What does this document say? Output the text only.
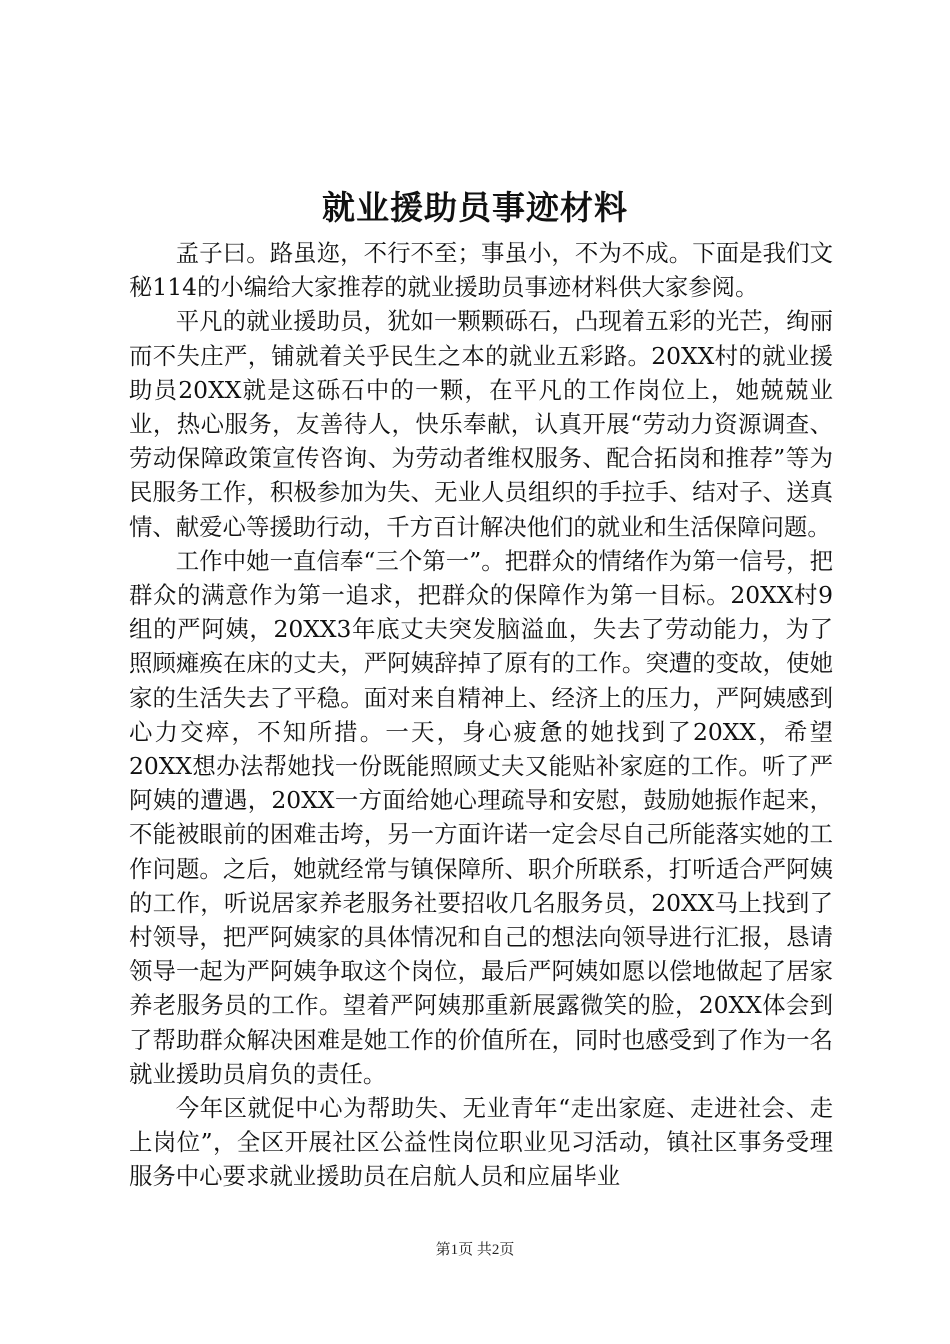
就业援助员事迹材料

孟子曰。路虽迩，不行不至；事虽小，不为不成。下面是我们文秘114的小编给大家推荐的就业援助员事迹材料供大家参阅。

平凡的就业援助员，犹如一颗颗砾石，凸现着五彩的光芒，绚丽而不失庄严，铺就着关乎民生之本的就业五彩路。20XX村的就业援助员20XX就是这砾石中的一颗，在平凡的工作岗位上，她兢兢业业，热心服务，友善待人，快乐奉献，认真开展“劳动力资源调查、劳动保障政策宣传咨询、为劳动者维权服务、配合拓岗和推荐”等为民服务工作，积极参加为失、无业人员组织的手拉手、结对子、送真情、献爱心等援助行动，千方百计解决他们的就业和生活保障问题。

工作中她一直信奉“三个第一”。把群众的情绪作为第一信号，把群众的满意作为第一追求，把群众的保障作为第一目标。20XX村9组的严阿姨，20XX3年底丈夫突发脑溢血，失去了劳动能力，为了照顾瘫痪在床的丈夫，严阿姨辞掉了原有的工作。突遭的变故，使她家的生活失去了平稳。面对来自精神上、经济上的压力，严阿姨感到心力交瘁，不知所措。一天，身心疲惫的她找到了20XX，希望20XX想办法帮她找一份既能照顾丈夫又能贴补家庭的工作。听了严阿姨的遭遇，20XX一方面给她心理疏导和安慰，鼓励她振作起来，不能被眼前的困难击垮，另一方面许诺一定会尽自己所能落实她的工作问题。之后，她就经常与镇保障所、职介所联系，打听适合严阿姨的工作，听说居家养老服务社要招收几名服务员，20XX马上找到了村领导，把严阿姨家的具体情况和自己的想法向领导进行汇报，恳请领导一起为严阿姨争取这个岗位，最后严阿姨如愿以偿地做起了居家养老服务员的工作。望着严阿姨那重新展露微笑的脸，20XX体会到了帮助群众解决困难是她工作的价值所在，同时也感受到了作为一名就业援助员肩负的责任。

今年区就促中心为帮助失、无业青年“走出家庭、走进社会、走上岗位”，全区开展社区公益性岗位职业见习活动，镇社区事务受理服务中心要求就业援助员在启航人员和应届毕业

第1页 共2页
